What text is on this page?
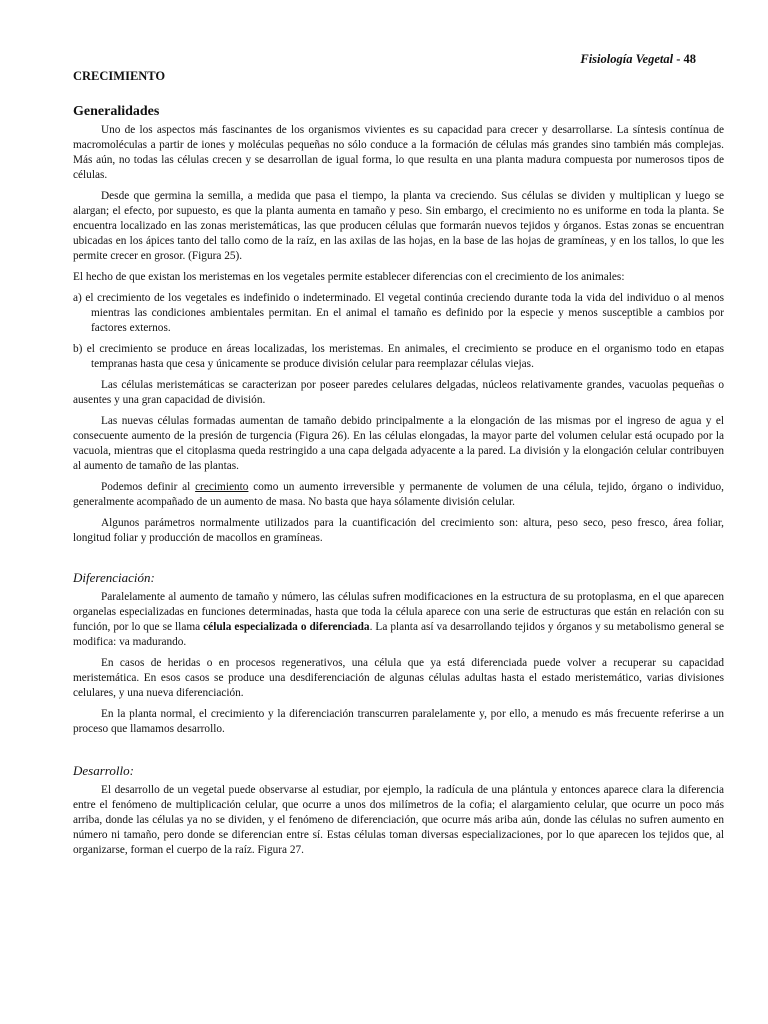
Fisiología Vegetal - 48
CRECIMIENTO
Generalidades

Uno de los aspectos más fascinantes de los organismos vivientes es su capacidad para crecer y desarrollarse. La síntesis contínua de macromoléculas a partir de iones y moléculas pequeñas no sólo conduce a la formación de células más grandes sino también más complejas. Más aún, no todas las células crecen y se desarrollan de igual forma, lo que resulta en una planta madura compuesta por numerosos tipos de células.

Desde que germina la semilla, a medida que pasa el tiempo, la planta va creciendo. Sus células se dividen y multiplican y luego se alargan; el efecto, por supuesto, es que la planta aumenta en tamaño y peso. Sin embargo, el crecimiento no es uniforme en toda la planta. Se encuentra localizado en las zonas meristemáticas, las que producen células que formarán nuevos tejidos y órganos. Estas zonas se encuentran ubicadas en los ápices tanto del tallo como de la raíz, en las axilas de las hojas, en la base de las hojas de gramíneas, y en los tallos, lo que les permite crecer en grosor. (Figura 25).

El hecho de que existan los meristemas en los vegetales permite establecer diferencias con el crecimiento de los animales:

a) el crecimiento de los vegetales es indefinido o indeterminado. El vegetal continúa creciendo durante toda la vida del individuo o al menos mientras las condiciones ambientales permitan. En el animal el tamaño es definido por la especie y menos susceptible a cambios por factores externos.

b) el crecimiento se produce en áreas localizadas, los meristemas. En animales, el crecimiento se produce en el organismo todo en etapas tempranas hasta que cesa y únicamente se produce división celular para reemplazar células viejas.

Las células meristemáticas se caracterizan por poseer paredes celulares delgadas, núcleos relativamente grandes, vacuolas pequeñas o ausentes y una gran capacidad de división.

Las nuevas células formadas aumentan de tamaño debido principalmente a la elongación de las mismas por el ingreso de agua y el consecuente aumento de la presión de turgencia (Figura 26). En las células elongadas, la mayor parte del volumen celular está ocupado por la vacuola, mientras que el citoplasma queda restringido a una capa delgada adyacente a la pared. La división y la elongación celular contribuyen al aumento de tamaño de las plantas.

Podemos definir al crecimiento como un aumento irreversible y permanente de volumen de una célula, tejido, órgano o individuo, generalmente acompañado de un aumento de masa. No basta que haya sólamente división celular.

Algunos parámetros normalmente utilizados para la cuantificación del crecimiento son: altura, peso seco, peso fresco, área foliar, longitud foliar y producción de macollos en gramíneas.

Diferenciación:

Paralelamente al aumento de tamaño y número, las células sufren modificaciones en la estructura de su protoplasma, en el que aparecen organelas especializadas en funciones determinadas, hasta que toda la célula aparece con una serie de estructuras que están en relación con su función, por lo que se llama célula especializada o diferenciada. La planta así va desarrollando tejidos y órganos y su metabolismo general se modifica: va madurando.

En casos de heridas o en procesos regenerativos, una célula que ya está diferenciada puede volver a recuperar su capacidad meristemática. En esos casos se produce una desdiferenciación de algunas células adultas hasta el estado meristemático, varias divisiones celulares, y una nueva diferenciación.

En la planta normal, el crecimiento y la diferenciación transcurren paralelamente y, por ello, a menudo es más frecuente referirse a un proceso que llamamos desarrollo.

Desarrollo:

El desarrollo de un vegetal puede observarse al estudiar, por ejemplo, la radícula de una plántula y entonces aparece clara la diferencia entre el fenómeno de multiplicación celular, que ocurre a unos dos milímetros de la cofia; el alargamiento celular, que ocurre un poco más arriba, donde las células ya no se dividen, y el fenómeno de diferenciación, que ocurre más ariba aún, donde las células no sufren aumento en número ni tamaño, pero donde se diferencian entre sí. Estas células toman diversas especializaciones, por lo que aparecen los tejidos que, al organizarse, forman el cuerpo de la raíz. Figura 27.
